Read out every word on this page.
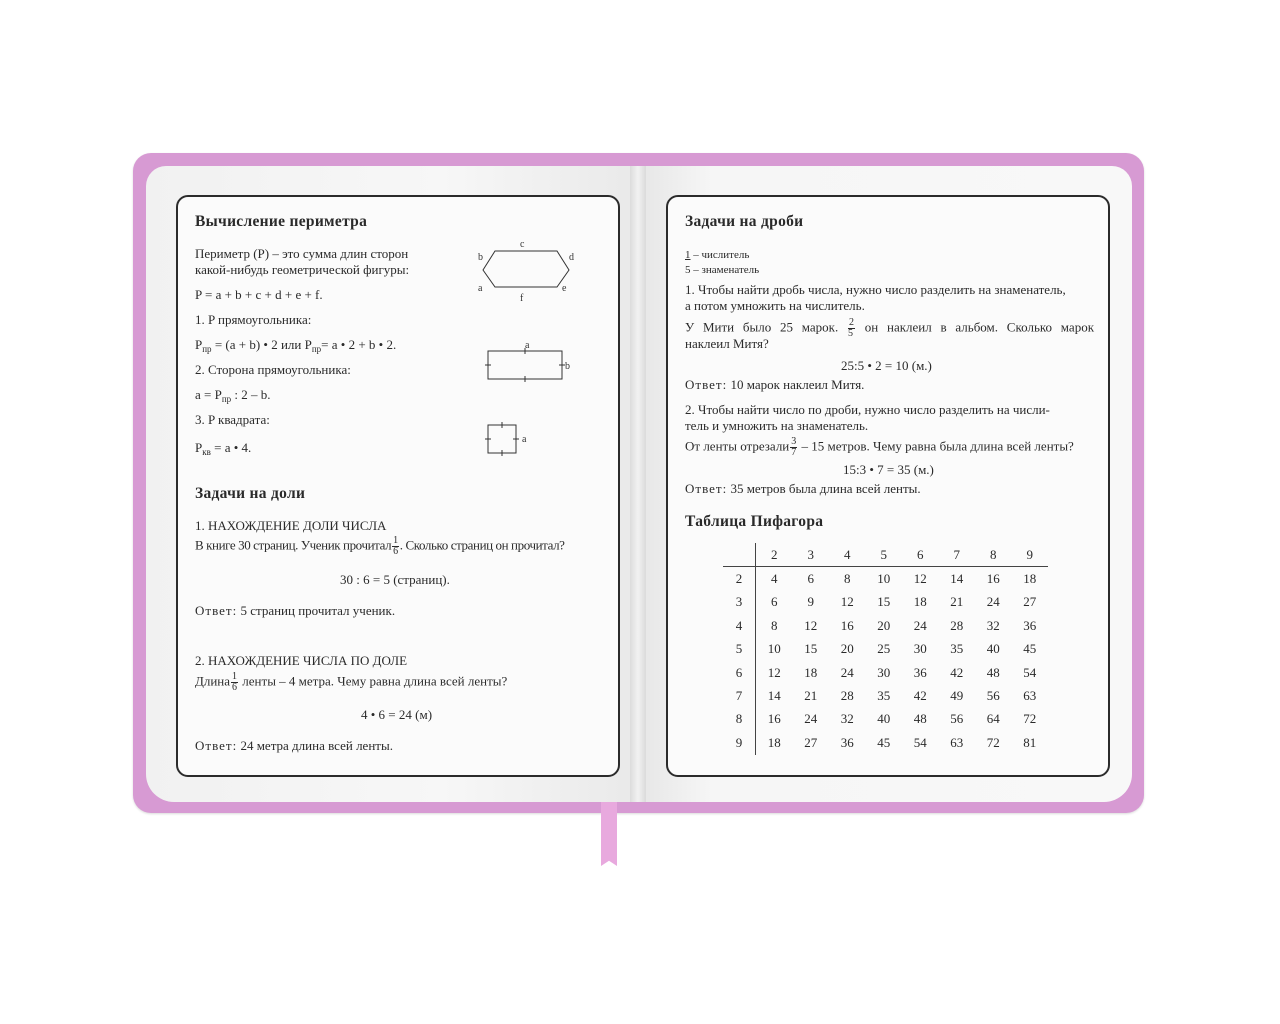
Вычисление периметра
Периметр (P) – это сумма длин сторон
какой-нибудь геометрической фигуры:
P = a + b + c + d + e + f.
1. P прямоугольника:
$P_{пр} = (a + b)$ • 2 или $P_{пр}= a$ • 2 + b • 2.
2. Сторона прямоугольника:
$a = P_{пр}$ : 2 – b.
3. P квадрата:
$P_{кв} = a$ • 4.
c
b	d
a	e
f
a
b
a
Задачи на доли
1. НАХОЖДЕНИЕ ДОЛИ ЧИСЛА
В книге 30 страниц. Ученик прочитал $\frac{1}{6}$ . Сколько страниц он прочитал?
30 : 6 = 5 (страниц).
Ответ: 5 страниц прочитал ученик.
2. НАХОЖДЕНИЕ ЧИСЛА ПО ДОЛЕ
Длина $\frac{1}{6}$ ленты – 4 метра. Чему равна длина всей ленты?
4 • 6 = 24 (м)
Ответ: 24 метра длина всей ленты.
Задачи на дроби
1 – числитель
5 – знаменатель
1. Чтобы найти дробь числа, нужно число разделить на знаменатель,
а потом умножить на числитель.
У Мити было 25 марок. $\frac{2}{5}$ он наклеил в альбом. Сколько марок
наклеил Митя?
25:5 • 2 = 10 (м.)
Ответ: 10 марок наклеил Митя.
2. Чтобы найти число по дроби, нужно число разделить на числи-
тель и умножить на знаменатель.
От ленты отрезали $\frac{3}{7} - 15$ метров. Чему равна была длина всей ленты?
15:3 • 7 = 35 (м.)
Ответ: 35 метров была длина всей ленты.
Таблица Пифагора
	2	3	4	5	6	7	8	9
2	4	6	8	10	12	14	16	18
3	6	9	12	15	18	21	24	27
4	8	12	16	20	24	28	32	36
5	10	15	20	25	30	35	40	45
6	12	18	24	30	36	42	48	54
7	14	21	28	35	42	49	56	63
8	16	24	32	40	48	56	64	72
9	18	27	36	45	54	63	72	81
